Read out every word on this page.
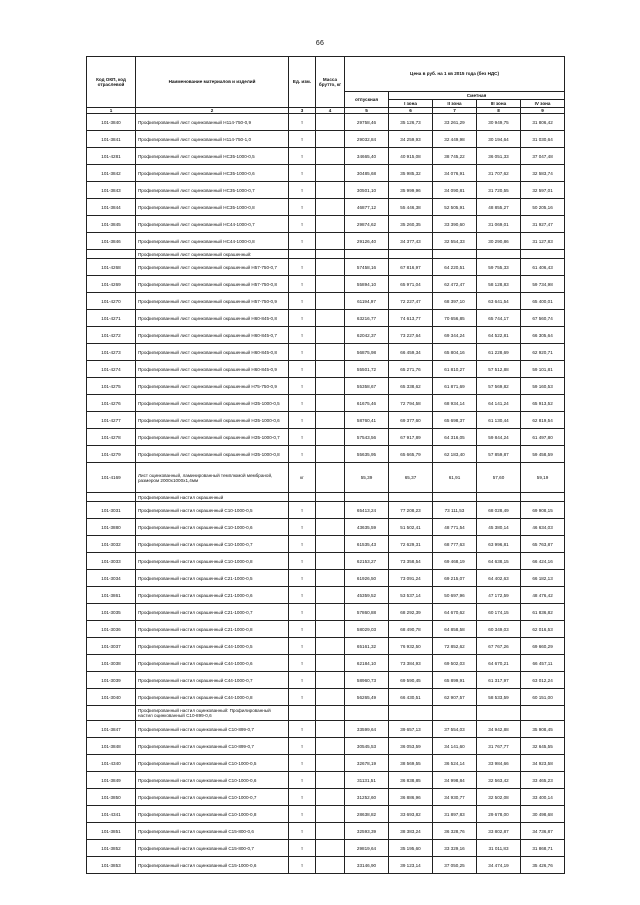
66
Код ОКП, код отраслевой	Наименование материалов и изделий	Ед. изм.	Масса брутто, кг	Цена в руб. на 1 кв 2015 года (без НДС)				
				отпускная	Сметная			
					I зона	II зона	III зона	IV зона
1	2	3	4	5	6	7	8	9
101-3840	Профилированный лист оцинкованный Н114-750-0,9	т		29758,46	35 126,73	33 261,29	30 949,75	31 806,42
101-3841	Профилированный лист оцинкованный Н114-750-1,0	т		29032,84	34 259,93	32 449,98	30 194,64	31 030,64
101-4281	Профилированный лист оцинкованный НС35-1000-0,5	т		34665,40	40 915,08	38 745,22	36 051,33	37 047,48
101-3842	Профилированный лист оцинкованный НС35-1000-0,6	т		30485,68	35 985,32	34 076,91	31 707,62	32 583,74
101-3843	Профилированный лист оцинкованный НС35-1000-0,7	т		30501,10	35 999,96	34 090,81	31 720,55	32 597,01
101-3844	Профилированный лист оцинкованный НС35-1000-0,8	т		46877,12	55 446,38	52 505,91	48 855,27	50 205,16
101-3845	Профилированный лист оцинкованный НС44-1000-0,7	т		29874,62	35 260,35	33 390,60	31 069,01	31 927,47
101-3846	Профилированный лист оцинкованный НС44-1000-0,8	т		29126,40	34 377,43	32 554,33	30 290,86	31 127,83
	Профилированный лист оцинкованный окрашенный:							
101-4268	Профилированный лист оцинкованный окрашенный Н57-750-0,7	т		57458,16	67 816,97	64 220,51	59 755,33	61 406,43
101-4269	Профилированный лист оцинкованный окрашенный Н57-750-0,8	т		55894,10	65 971,04	62 472,47	58 128,83	59 734,98
101-4270	Профилированный лист оцинкованный окрашенный Н57-750-0,9	т		61194,97	72 227,47	68 397,10	63 641,54	65 400,01
101-4271	Профилированный лист оцинкованный окрашенный Н60-845-0,8	т		63216,77	74 613,77	70 656,85	65 744,17	67 560,74
101-4272	Профилированный лист оцинкованный окрашенный Н60-845-0,7	т		62042,37	73 227,64	69 344,24	64 522,81	66 305,64
101-4273	Профилированный лист оцинкованный окрашенный Н60-845-0,8	т		56875,98	66 459,34	65 804,16	61 228,69	62 920,71
101-4274	Профилированный лист оцинкованный окрашенный Н60-845-0,9	т		55501,72	65 271,76	61 810,27	57 512,88	59 101,81
101-4275	Профилированный лист оцинкованный окрашенный Н75-750-0,9	т		55358,67	65 338,62	61 871,69	57 569,82	59 160,53
101-4276	Профилированный лист оцинкованный окрашенный НЗ5-1000-0,5	т		61675,46	72 794,58	68 934,14	64 141,24	65 913,52
101-4277	Профилированный лист оцинкованный окрашенный НЗ5-1000-0,6	т		58760,41	69 377,60	65 698,37	61 130,44	62 819,54
101-4278	Профилированный лист оцинкованный окрашенный НЗ5-1000-0,7	т		57543,56	67 917,89	64 316,05	59 844,24	61 497,80
101-4279	Профилированный лист оцинкованный окрашенный НЗ5-1000-0,8	т		55635,95	65 665,79	62 183,40	57 859,87	59 458,59
101-4169	Лист оцинкованный, ламинированный темплюмой мембраной, размером 2000х1000х1,4мм	кг		55,39	65,37	61,91	57,60	59,19
	Профилированный настил окрашенный							
101-3031	Профилированный настил окрашенный С10-1000-0,5	т		65413,24	77 208,23	73 111,53	68 028,49	69 908,15
101-3880	Профилированный настил окрашенный С10-1000-0,6	т		43635,59	51 502,41	48 771,54	45 380,14	46 634,03
101-3032	Профилированный настил окрашенный С10-1000-0,7	т		61535,43	72 629,31	68 777,63	63 996,81	65 763,87
101-3033	Профилированный настил окрашенный С10-1000-0,8	т		62153,27	73 358,54	69 468,19	64 638,15	66 424,16
101-3034	Профилированный настил окрашенный С21-1000-0,5	т		61926,50	73 091,24	69 215,07	64 402,63	66 182,13
101-3861	Профилированный настил окрашенный С21-1000-0,6	т		45359,52	53 537,14	50 697,96	47 172,59	48 476,42
101-3035	Профилированный настил окрашенный С21-1000-0,7	т		57860,88	68 292,39	64 670,62	60 174,15	61 836,82
101-3036	Профилированный настил окрашенный С21-1000-0,8	т		58029,03	68 490,78	64 858,58	60 349,03	62 016,53
101-3037	Профилированный настил окрашенный С44-1000-0,5	т		65161,32	76 932,50	72 852,62	67 767,26	69 660,29
101-3038	Профилированный настил окрашенный С44-1000-0,6	т		62184,10	73 384,93	69 502,03	64 670,21	66 457,11
101-3039	Профилированный настил окрашенный С44-1000-0,7	т		58960,73	69 590,45	65 899,91	61 317,97	63 012,24
101-3040	Профилированный настил окрашенный С44-1000-0,8	т		56265,49	66 430,51	62 907,57	58 533,59	60 151,00
	Профилированный настил оцинкованный: Профилированный настил оцинкованный С10-899-0,6							
101-3847	Профилированный настил оцинкованный С10-899-0,7	т		33599,64	39 657,13	37 554,03	34 942,88	35 908,45
101-3848	Профилированный настил оцинкованный С10-899-0,7	т		30545,53	36 053,59	34 141,60	31 767,77	32 645,55
101-4340	Профилированный настил оцинкованный С10-1000-0,5	т		32678,19	38 569,55	36 524,14	33 984,66	34 923,58
101-3849	Профилированный настил оцинкованный С10-1000-0,6	т		31131,51	36 838,85	34 998,84	32 563,42	33 465,23
101-3850	Профилированный настил оцинкованный С10-1000-0,7	т		31252,60	36 886,96	34 930,77	32 502,08	33 400,14
101-4341	Профилированный настил оцинкованный С10-1000-0,8	т		28638,82	33 693,82	31 897,83	29 678,00	30 498,68
101-3851	Профилированный настил оцинкованный С15-800-0,6	т		32593,39	38 383,24	36 328,76	33 802,87	34 736,87
101-3852	Профилированный настил оцинкованный С15-800-0,7	т		29819,64	35 195,60	33 329,16	31 011,83	31 868,71
101-3853	Профилированный настил оцинкованный С15-1000-0,6	т		33146,90	39 123,14	37 050,25	34 474,19	35 426,76
